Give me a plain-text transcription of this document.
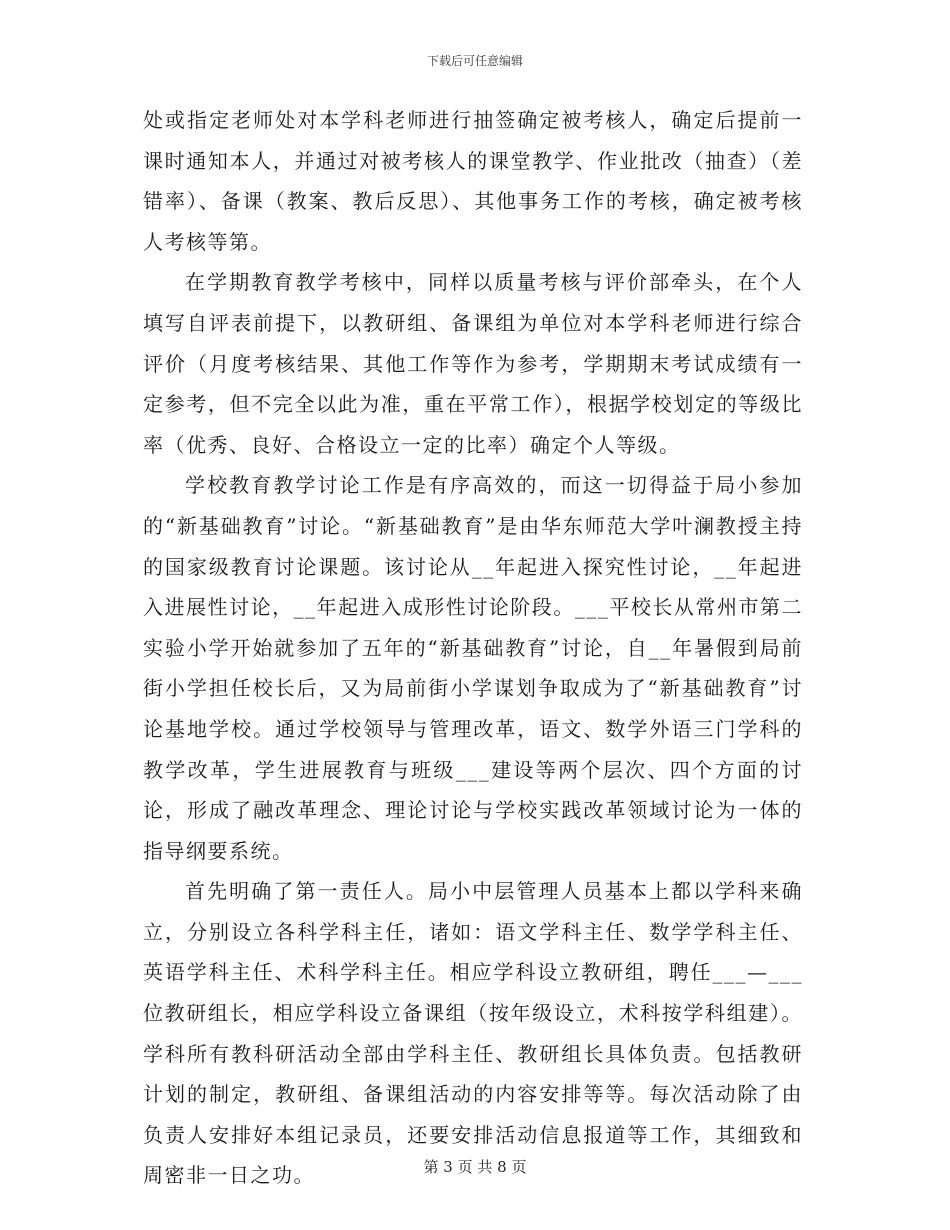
下载后可任意编辑

处或指定老师处对本学科老师进行抽签确定被考核人，确定后提前一课时通知本人，并通过对被考核人的课堂教学、作业批改（抽查）（差错率）、备课（教案、教后反思）、其他事务工作的考核，确定被考核人考核等第。

在学期教育教学考核中，同样以质量考核与评价部牵头，在个人填写自评表前提下，以教研组、备课组为单位对本学科老师进行综合评价（月度考核结果、其他工作等作为参考，学期期末考试成绩有一定参考，但不完全以此为准，重在平常工作），根据学校划定的等级比率（优秀、良好、合格设立一定的比率）确定个人等级。

学校教育教学讨论工作是有序高效的，而这一切得益于局小参加的“新基础教育”讨论。“新基础教育”是由华东师范大学叶澜教授主持的国家级教育讨论课题。该讨论从__年起进入探究性讨论，__年起进入进展性讨论，__年起进入成形性讨论阶段。___平校长从常州市第二实验小学开始就参加了五年的“新基础教育”讨论，自__年暑假到局前街小学担任校长后，又为局前街小学谋划争取成为了“新基础教育”讨论基地学校。通过学校领导与管理改革，语文、数学外语三门学科的教学改革，学生进展教育与班级___建设等两个层次、四个方面的讨论，形成了融改革理念、理论讨论与学校实践改革领域讨论为一体的指导纲要系统。

首先明确了第一责任人。局小中层管理人员基本上都以学科来确立，分别设立各科学科主任，诸如：语文学科主任、数学学科主任、英语学科主任、术科学科主任。相应学科设立教研组，聘任___—___位教研组长，相应学科设立备课组（按年级设立，术科按学科组建）。学科所有教科研活动全部由学科主任、教研组长具体负责。包括教研计划的制定，教研组、备课组活动的内容安排等等。每次活动除了由负责人安排好本组记录员，还要安排活动信息报道等工作，其细致和周密非一日之功。	第 3 页 共 8 页
